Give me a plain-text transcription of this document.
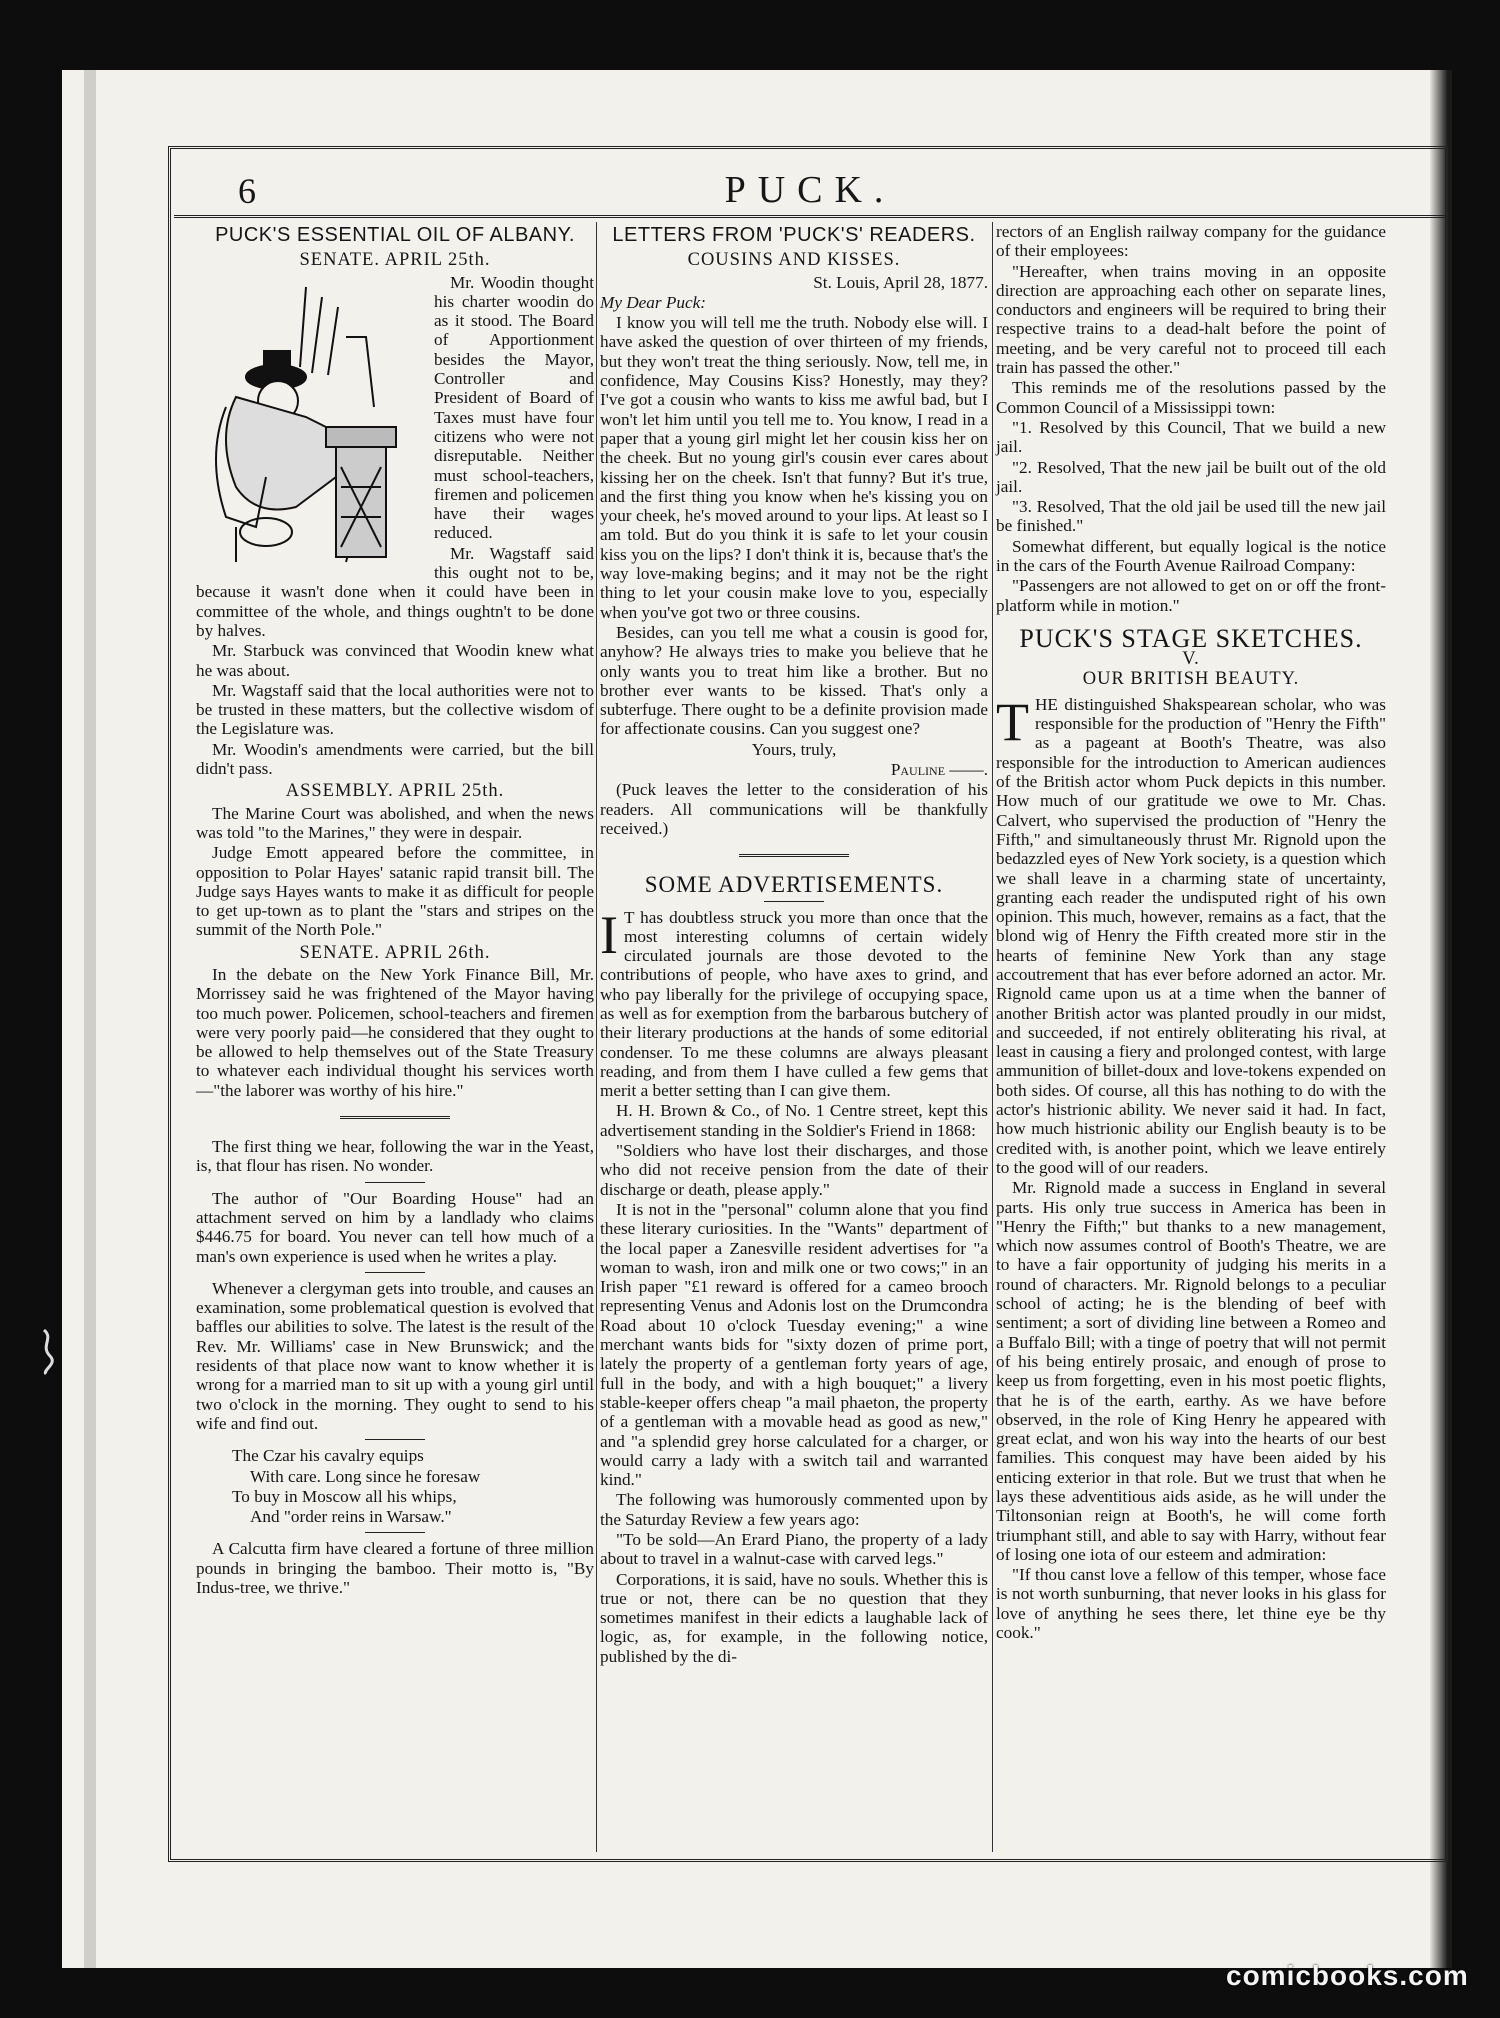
6	PUCK.
PUCK'S ESSENTIAL OIL OF ALBANY.
SENATE. APRIL 25th.

Mr. Woodin thought his charter woodin do as it stood. The Board of Apportionment besides the Mayor, Controller and President of Board of Taxes must have four citizens who were not disreputable. Neither must school-teachers, firemen and policemen have their wages reduced.

Mr. Wagstaff said this ought not to be, because it wasn't done when it could have been in committee of the whole, and things oughtn't to be done by halves.

Mr. Starbuck was convinced that Woodin knew what he was about.

Mr. Wagstaff said that the local authorities were not to be trusted in these matters, but the collective wisdom of the Legislature was.

Mr. Woodin's amendments were carried, but the bill didn't pass.

ASSEMBLY. APRIL 25th.

The Marine Court was abolished, and when the news was told "to the Marines," they were in despair.

Judge Emott appeared before the committee, in opposition to Polar Hayes' satanic rapid transit bill. The Judge says Hayes wants to make it as difficult for people to get up-town as to plant the "stars and stripes on the summit of the North Pole."

SENATE. APRIL 26th.

In the debate on the New York Finance Bill, Mr. Morrissey said he was frightened of the Mayor having too much power. Policemen, school-teachers and firemen were very poorly paid—he considered that they ought to be allowed to help themselves out of the State Treasury to whatever each individual thought his services worth—"the laborer was worthy of his hire."

The first thing we hear, following the war in the Yeast, is, that flour has risen. No wonder.

The author of "Our Boarding House" had an attachment served on him by a landlady who claims $446.75 for board. You never can tell how much of a man's own experience is used when he writes a play.

Whenever a clergyman gets into trouble, and causes an examination, some problematical question is evolved that baffles our abilities to solve. The latest is the result of the Rev. Mr. Williams' case in New Brunswick; and the residents of that place now want to know whether it is wrong for a married man to sit up with a young girl until two o'clock in the morning. They ought to send to his wife and find out.

The Czar his cavalry equips

With care. Long since he foresaw

To buy in Moscow all his whips,

And "order reins in Warsaw."

A Calcutta firm have cleared a fortune of three million pounds in bringing the bamboo. Their motto is, "By Indus-tree, we thrive."

LETTERS FROM 'PUCK'S' READERS.
COUSINS AND KISSES.

St. Louis, April 28, 1877.

My Dear Puck:

I know you will tell me the truth. Nobody else will. I have asked the question of over thirteen of my friends, but they won't treat the thing seriously. Now, tell me, in confidence, May Cousins Kiss? Honestly, may they? I've got a cousin who wants to kiss me awful bad, but I won't let him until you tell me to. You know, I read in a paper that a young girl might let her cousin kiss her on the cheek. But no young girl's cousin ever cares about kissing her on the cheek. Isn't that funny? But it's true, and the first thing you know when he's kissing you on your cheek, he's moved around to your lips. At least so I am told. But do you think it is safe to let your cousin kiss you on the lips? I don't think it is, because that's the way love-making begins; and it may not be the right thing to let your cousin make love to you, especially when you've got two or three cousins.

Besides, can you tell me what a cousin is good for, anyhow? He always tries to make you believe that he only wants you to treat him like a brother. But no brother ever wants to be kissed. That's only a subterfuge. There ought to be a definite provision made for affectionate cousins. Can you suggest one?

Yours, truly,

Pauline ——.

(Puck leaves the letter to the consideration of his readers. All communications will be thankfully received.)

SOME ADVERTISEMENTS.

I T has doubtless struck you more than once that the most interesting columns of certain widely circulated journals are those devoted to the contributions of people, who have axes to grind, and who pay liberally for the privilege of occupying space, as well as for exemption from the barbarous butchery of their literary productions at the hands of some editorial condenser. To me these columns are always pleasant reading, and from them I have culled a few gems that merit a better setting than I can give them.

H. H. Brown & Co., of No. 1 Centre street, kept this advertisement standing in the Soldier's Friend in 1868:

"Soldiers who have lost their discharges, and those who did not receive pension from the date of their discharge or death, please apply."

It is not in the "personal" column alone that you find these literary curiosities. In the "Wants" department of the local paper a Zanesville resident advertises for "a woman to wash, iron and milk one or two cows;" in an Irish paper "£1 reward is offered for a cameo brooch representing Venus and Adonis lost on the Drumcondra Road about 10 o'clock Tuesday evening;" a wine merchant wants bids for "sixty dozen of prime port, lately the property of a gentleman forty years of age, full in the body, and with a high bouquet;" a livery stable-keeper offers cheap "a mail phaeton, the property of a gentleman with a movable head as good as new," and "a splendid grey horse calculated for a charger, or would carry a lady with a switch tail and warranted kind."

The following was humorously commented upon by the Saturday Review a few years ago:

"To be sold—An Erard Piano, the property of a lady about to travel in a walnut-case with carved legs."

Corporations, it is said, have no souls. Whether this is true or not, there can be no question that they sometimes manifest in their edicts a laughable lack of logic, as, for example, in the following notice, published by the di-

rectors of an English railway company for the guidance of their employees:

"Hereafter, when trains moving in an opposite direction are approaching each other on separate lines, conductors and engineers will be required to bring their respective trains to a dead-halt before the point of meeting, and be very careful not to proceed till each train has passed the other."

This reminds me of the resolutions passed by the Common Council of a Mississippi town:

"1. Resolved by this Council, That we build a new jail.

"2. Resolved, That the new jail be built out of the old jail.

"3. Resolved, That the old jail be used till the new jail be finished."

Somewhat different, but equally logical is the notice in the cars of the Fourth Avenue Railroad Company:

"Passengers are not allowed to get on or off the front-platform while in motion."

PUCK'S STAGE SKETCHES.
V.
OUR BRITISH BEAUTY.

THE distinguished Shakspearean scholar, who was responsible for the production of "Henry the Fifth" as a pageant at Booth's Theatre, was also responsible for the introduction to American audiences of the British actor whom Puck depicts in this number. How much of our gratitude we owe to Mr. Chas. Calvert, who supervised the production of "Henry the Fifth," and simultaneously thrust Mr. Rignold upon the bedazzled eyes of New York society, is a question which we shall leave in a charming state of uncertainty, granting each reader the undisputed right of his own opinion. This much, however, remains as a fact, that the blond wig of Henry the Fifth created more stir in the hearts of feminine New York than any stage accoutrement that has ever before adorned an actor. Mr. Rignold came upon us at a time when the banner of another British actor was planted proudly in our midst, and succeeded, if not entirely obliterating his rival, at least in causing a fiery and prolonged contest, with large ammunition of billet-doux and love-tokens expended on both sides. Of course, all this has nothing to do with the actor's histrionic ability. We never said it had. In fact, how much histrionic ability our English beauty is to be credited with, is another point, which we leave entirely to the good will of our readers.

Mr. Rignold made a success in England in several parts. His only true success in America has been in "Henry the Fifth;" but thanks to a new management, which now assumes control of Booth's Theatre, we are to have a fair opportunity of judging his merits in a round of characters. Mr. Rignold belongs to a peculiar school of acting; he is the blending of beef with sentiment; a sort of dividing line between a Romeo and a Buffalo Bill; with a tinge of poetry that will not permit of his being entirely prosaic, and enough of prose to keep us from forgetting, even in his most poetic flights, that he is of the earth, earthy. As we have before observed, in the role of King Henry he appeared with great eclat, and won his way into the hearts of our best families. This conquest may have been aided by his enticing exterior in that role. But we trust that when he lays these adventitious aids aside, as he will under the Tiltonsonian reign at Booth's, he will come forth triumphant still, and able to say with Harry, without fear of losing one iota of our esteem and admiration:

"If thou canst love a fellow of this temper, whose face is not worth sunburning, that never looks in his glass for love of anything he sees there, let thine eye be thy cook."

comicbooks.com
